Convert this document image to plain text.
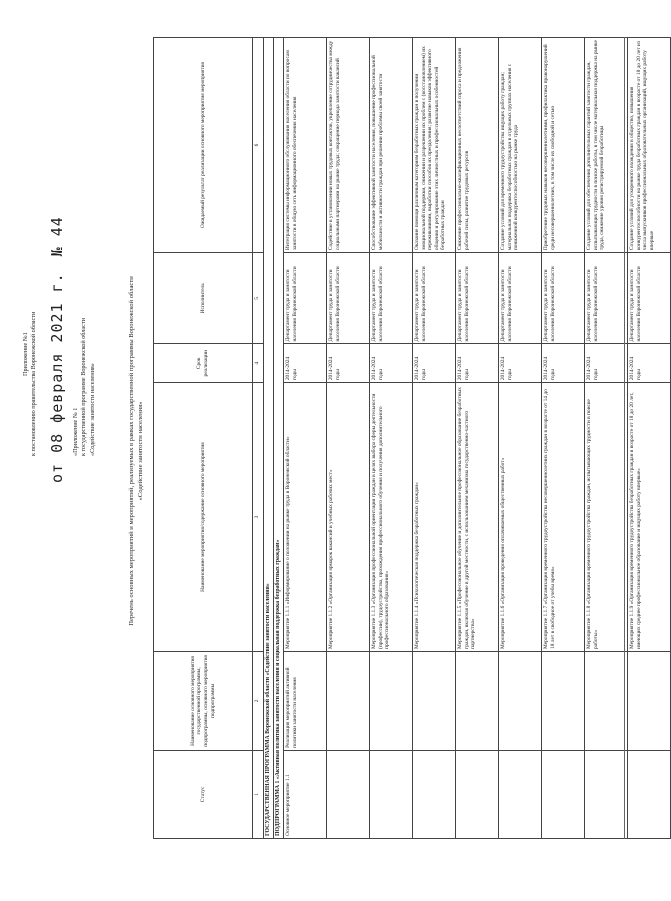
Приложение №1 к постановлению правительства Воронежской области
от 08 февраля 2021 г. № 44
«Приложение № 1 к государственной программе Воронежской области «Содействие занятости населения»	Перечень основных мероприятий и мероприятий, реализуемых в рамках государственной программы Воронежской области «Содействие занятости населения»
Статус	Наименование основного мероприятия государственной программы, подпрограммы, основного мероприятия подпрограммы	Наименование мероприятия/содержание основного мероприятия	Срок реализации	Исполнитель	Ожидаемый результат реализации основного мероприятия мероприятия
1	2	3	4	5	6
ГОСУДАРСТВЕННАЯ ПРОГРАММА Воронежской области «Содействие занятости населения»					
ПОДПРОГРАММА 1 «Активная политика занятости населения и социальная поддержка безработных граждан»					
Основное мероприятие 1.1	Реализация мероприятий активной политики занятости населения	Мероприятие 1.1.1 «Информирование о положении на рынке труда в Воронежской области»	2014-2024 годы	Департамент труда и занятости населения Воронежской области	Интеграция системы информационного обслуживания населения области по вопросам занятости в общую сеть информационного обеспечения населения
		Мероприятие 1.1.2 «Организация ярмарок вакансий и учебных рабочих мест»	2014-2024 годы	Департамент труда и занятости населения Воронежской области	Содействие в установлении новых трудовых контактов, укрепление сотрудничества между социальными партнерами на рынке труда; сокращение периода занятости вакансий
		Мероприятие 1.1.3 «Организация профессиональной ориентации граждан в целях выбора сферы деятельности (профессии), трудоустройства, прохождения профессионального обучения и получения дополнительного профессионального образования»	2014-2024 годы	Департамент труда и занятости населения Воронежской области	Способствование эффективной занятости населения, повышение профессиональной мобильности и активности граждан при решении проблемы своей занятости
		Мероприятие 1.1.4 «Психологическая поддержка безработных граждан»	2014-2024 годы	Департамент труда и занятости населения Воронежской области	Оказание помощи различным категориям безработных граждан в получении эмоциональной поддержки, снижении и разрешении их проблем с (восстановлением) их переживаниями, выработки способов их преодоления; развитие навыков эффективного общения и регулирование этих личностных и профессиональных особенностей безработных граждан
		Мероприятие 1.1.5 «Профессиональное обучение и дополнительное профессиональное образование безработных граждан, включая обучение в другой местности, с использованием механизма государственно-частного партнерства»	2014-2024 годы	Департамент труда и занятости населения Воронежской области	Снижение профессионально-квалификационных несоответствий спроса и предложения рабочей силы, развитие трудовых ресурсов
		Мероприятие 1.1.6 «Организация проведения оплачиваемых общественных работ»	2014-2024 годы	Департамент труда и занятости населения Воронежской области	Создание условий для временного трудоустройства ищущих работу граждан; материальная поддержка безработных граждан в отдельных группах населения с пониженной конкурентоспособностью на рынке труда
		Мероприятие 1.1.7 «Организация временного трудоустройства несовершеннолетних граждан в возрасте от 14 до 18 лет в свободное от учебы время»	2014-2024 годы	Департамент труда и занятости населения Воронежской области	Приобретение трудовых навыков несовершеннолетними, профилактика правонарушений среди несовершеннолетних, в том числе их свободной и сетью
		Мероприятие 1.1.8 «Организация временного трудоустройства граждан, испытывающих трудности в поиске работы»	2014-2024 годы	Департамент труда и занятости населения Воронежской области	Создание условий для обеспечения дополнительных гарантий занятости граждан, испытывающих трудности в поиске работы, в том числе материальная поддержка на рынке труда, снижение уровня регистрируемой безработицы
		Мероприятие 1.1.9 «Организация временного трудоустройства безработных граждан в возрасте от 18 до 20 лет, имеющих среднее профессиональное образование и ищущих работу впервые»	2014-2024 годы	Департамент труда и занятости населения Воронежской области	Создание условий для ускоренного вхождения в общество, повышения конкурентоспособности на рынке труда безработных граждан в возрасте от 18 до 20 лет из числа выпускников профессиональных образовательных организаций, ищущих работу впервые
